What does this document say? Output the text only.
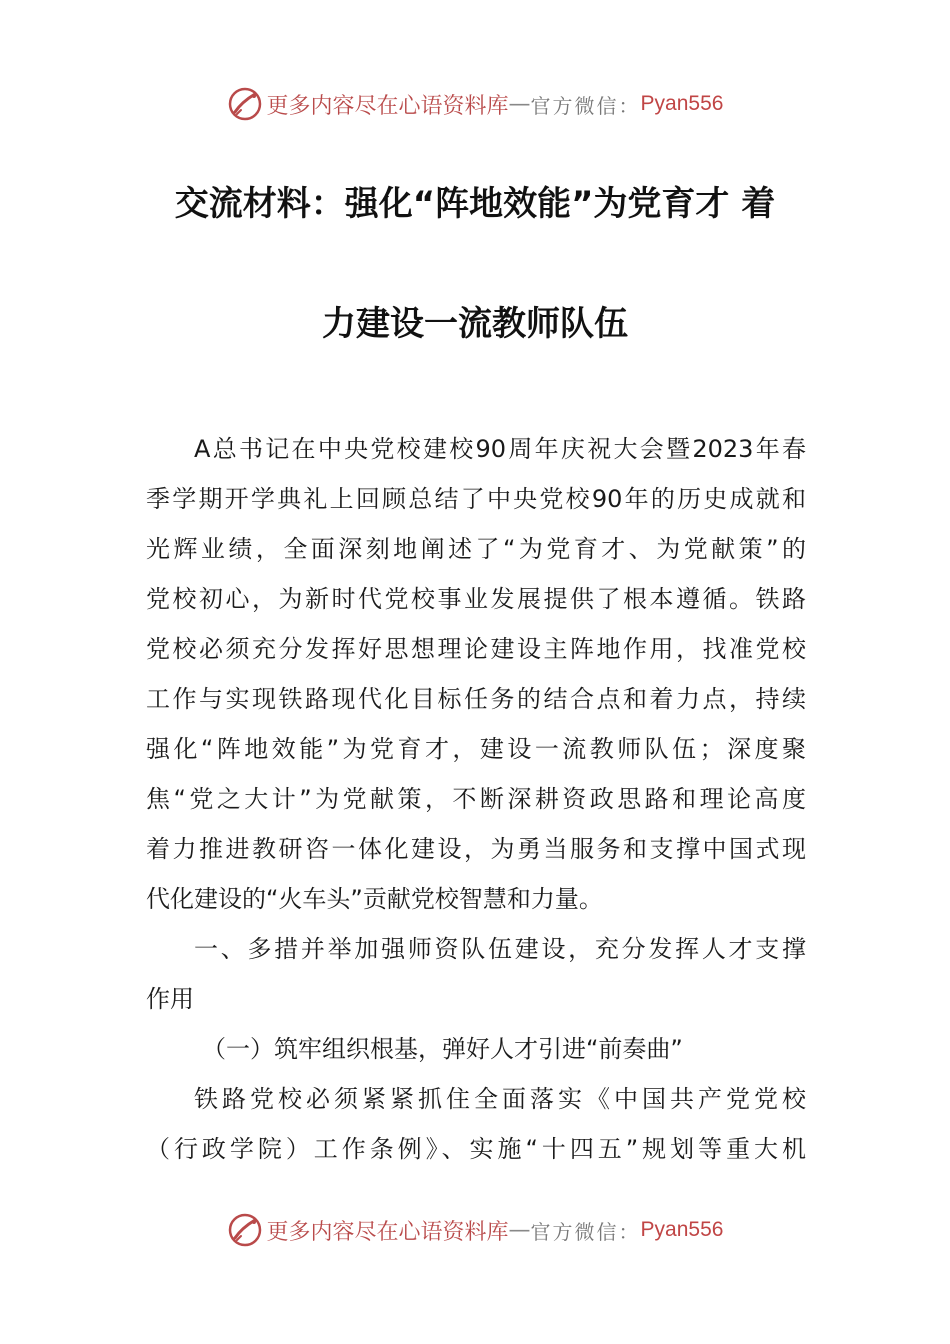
更多内容尽在心语资料库 — 官方微信： Pyan556
交流材料：强化“阵地效能”为党育才 着
力建设一流教师队伍
A总书记在中央党校建校90周年庆祝大会暨2023年春
季学期开学典礼上回顾总结了中央党校90年的历史成就和
光辉业绩，全面深刻地阐述了“为党育才、为党献策”的
党校初心，为新时代党校事业发展提供了根本遵循。铁路
党校必须充分发挥好思想理论建设主阵地作用，找准党校
工作与实现铁路现代化目标任务的结合点和着力点，持续
强化“阵地效能”为党育才，建设一流教师队伍；深度聚
焦“党之大计”为党献策，不断深耕资政思路和理论高度
着力推进教研咨一体化建设，为勇当服务和支撑中国式现
代化建设的“火车头”贡献党校智慧和力量。
一、多措并举加强师资队伍建设，充分发挥人才支撑
作用
（一）筑牢组织根基，弹好人才引进“前奏曲”
铁路党校必须紧紧抓住全面落实《中国共产党党校
（行政学院）工作条例》、实施“十四五”规划等重大机
更多内容尽在心语资料库 — 官方微信： Pyan556
